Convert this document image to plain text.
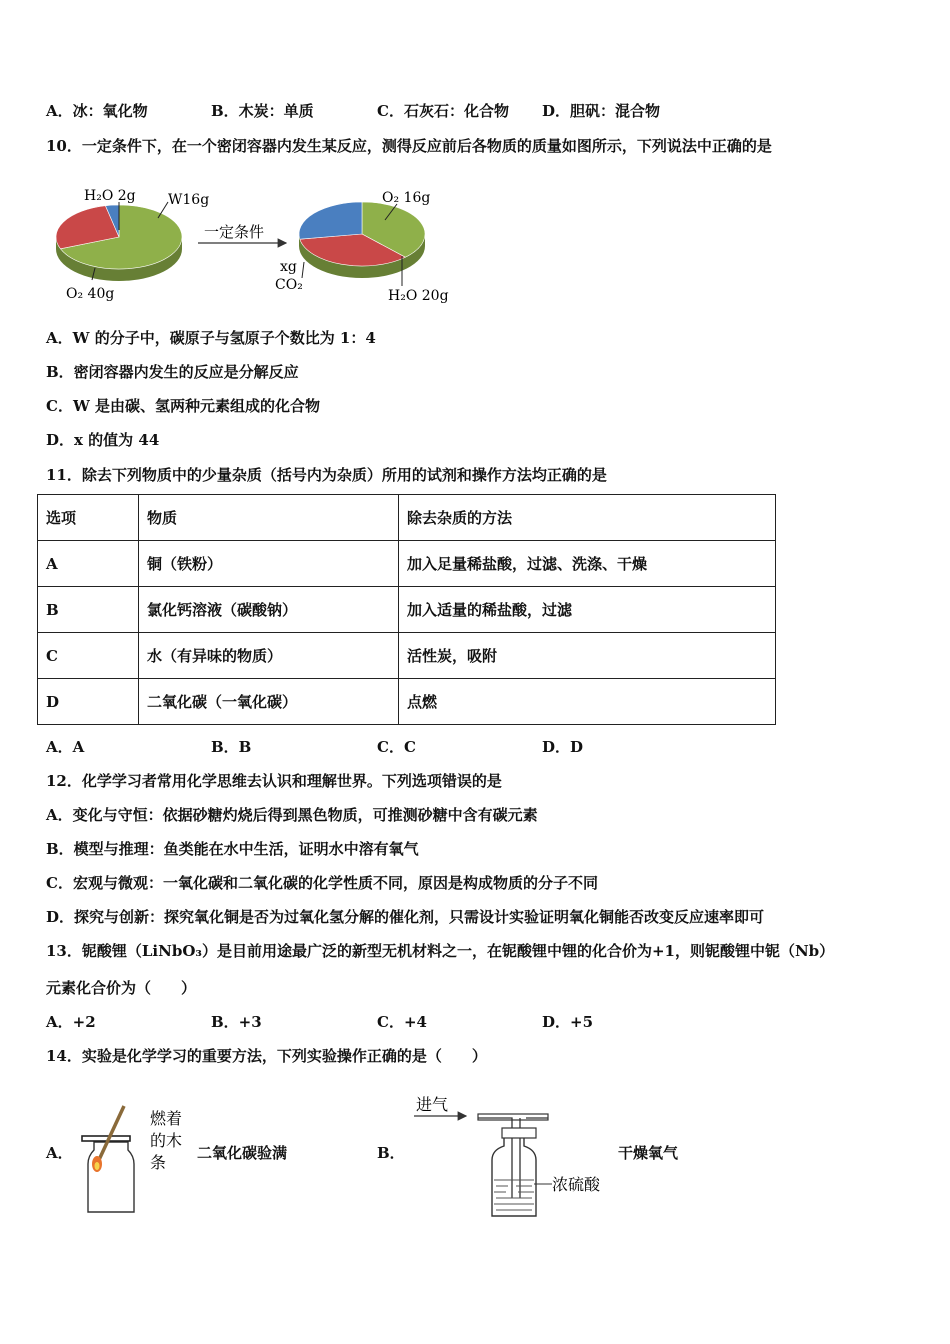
A．冰：氧化物	B．木炭：单质	C．石灰石：化合物 D．胆矾：混合物
10．一定条件下，在一个密闭容器内发生某反应，测得反应前后各物质的质量如图所示，下列说法中正确的是
H₂O 2g W16g
O₂ 40g
一定条件
O₂ 16g
xg
CO₂
H₂O 20g
A．W 的分子中，碳原子与氢原子个数比为 1：4
B．密闭容器内发生的反应是分解反应
C．W 是由碳、氢两种元素组成的化合物
D．x 的值为 44
11．除去下列物质中的少量杂质（括号内为杂质）所用的试剂和操作方法均正确的是
选项	物质	除去杂质的方法
A	铜（铁粉）	加入足量稀盐酸，过滤、洗涤、干燥
B	氯化钙溶液（碳酸钠）	加入适量的稀盐酸，过滤
C	水（有异味的物质）	活性炭，吸附
D	二氧化碳（一氧化碳）	点燃
A．A	B．B	C．C	D．D
12．化学学习者常用化学思维去认识和理解世界。下列选项错误的是
A．变化与守恒：依据砂糖灼烧后得到黑色物质，可推测砂糖中含有碳元素
B．模型与推理：鱼类能在水中生活，证明水中溶有氧气
C．宏观与微观：一氧化碳和二氧化碳的化学性质不同，原因是构成物质的分子不同
D．探究与创新：探究氧化铜是否为过氧化氢分解的催化剂，只需设计实验证明氧化铜能否改变反应速率即可
13．铌酸锂（LiNbO₃）是目前用途最广泛的新型无机材料之一，在铌酸锂中锂的化合价为+1，则铌酸锂中铌（Nb）
元素化合价为（　　）
A．+2	B．+3	C．+4	D．+5
14．实验是化学学习的重要方法，下列实验操作正确的是（　　）
A．
燃着
的木
条 二氧化碳验满	B．
进气
浓硫酸
干燥氧气
